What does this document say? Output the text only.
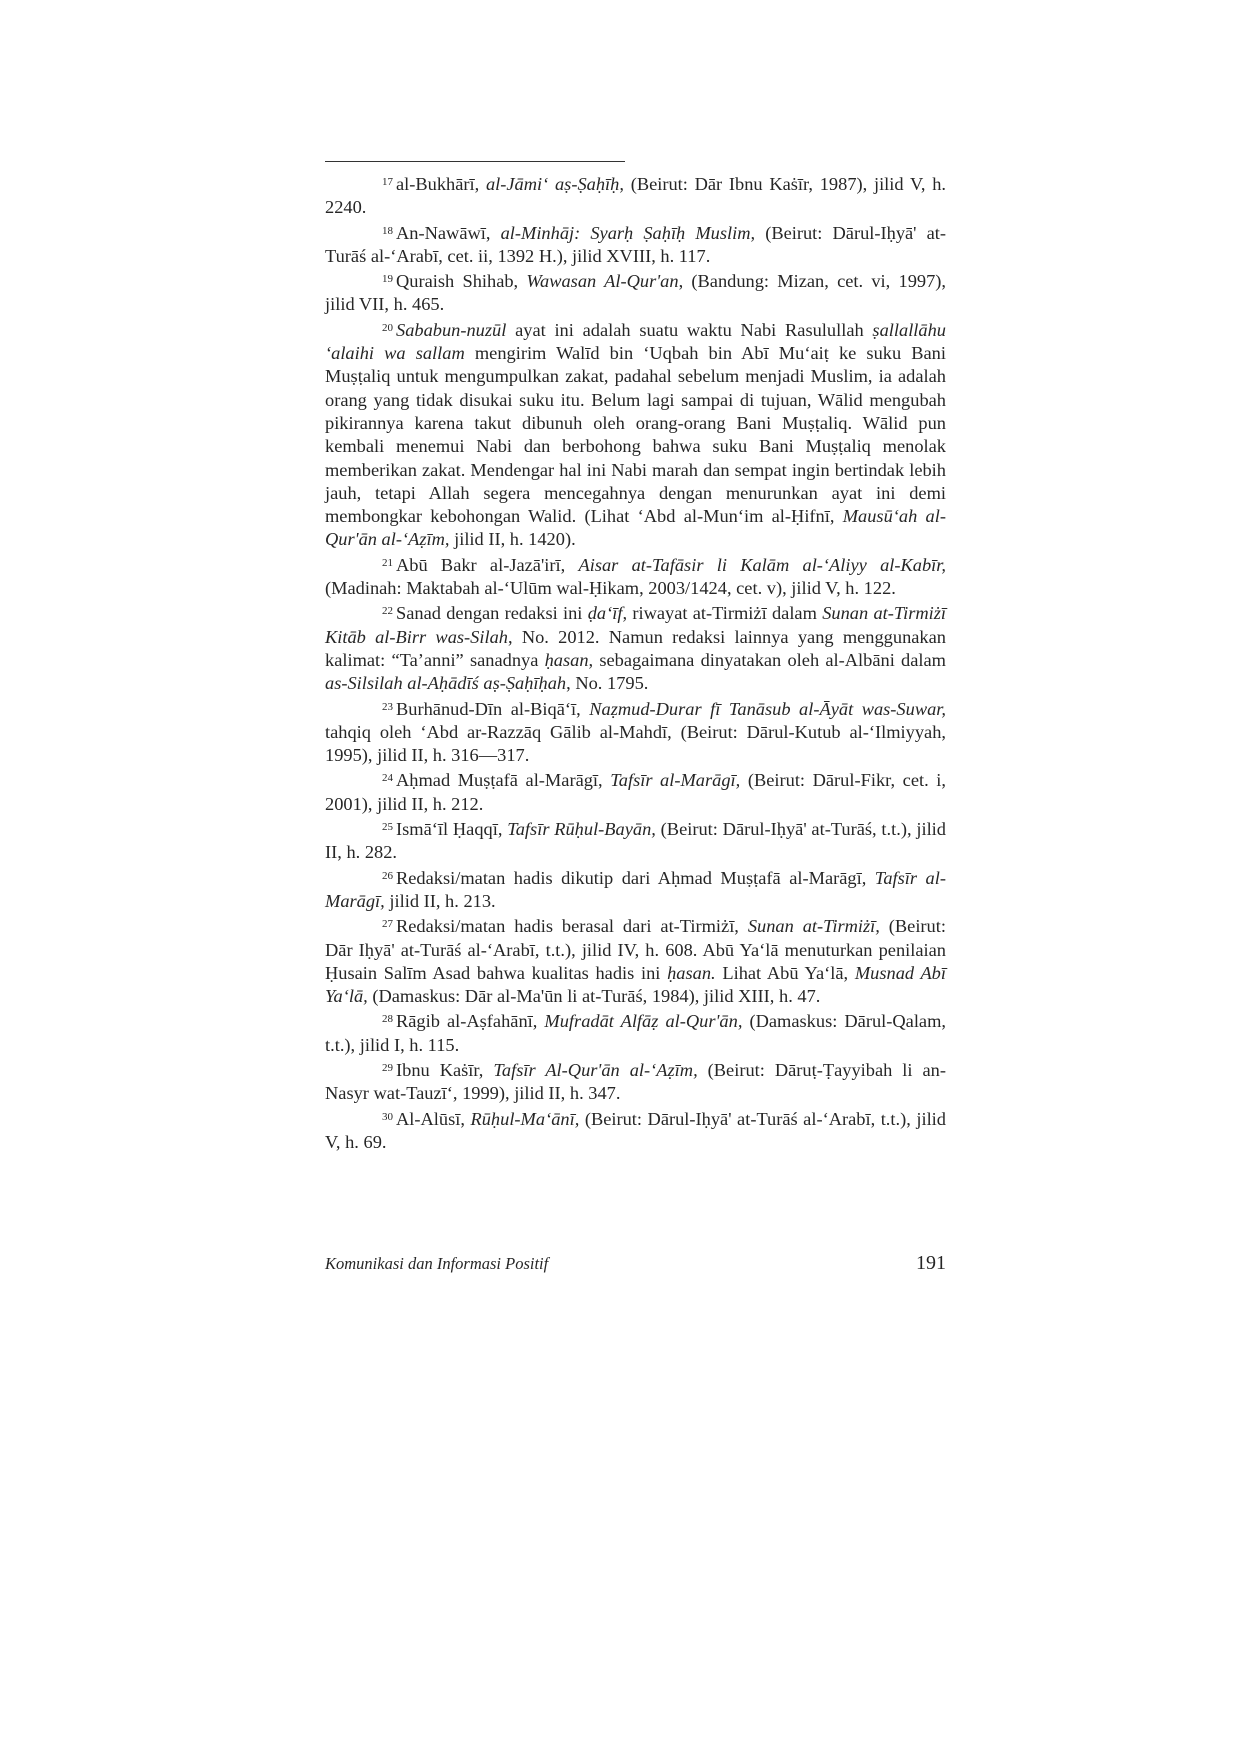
$^{17}$ al-Bukhārī, al-Jāmi‘ aṣ-Ṣaḥīḥ, (Beirut: Dār Ibnu Kaṡīr, 1987), jilid V, h. 2240.

$^{18}$ An-Nawāwī, al-Minhāj: Syarḥ Ṣaḥīḥ Muslim, (Beirut: Dārul-Iḥyā' at-Turāś al-‘Arabī, cet. ii, 1392 H.), jilid XVIII, h. 117.

$^{19}$ Quraish Shihab, Wawasan Al-Qur'an, (Bandung: Mizan, cet. vi, 1997), jilid VII, h. 465.

$^{20}$ Sababun-nuzūl ayat ini adalah suatu waktu Nabi Rasulullah ṣallallāhu ‘alaihi wa sallam mengirim Walīd bin ‘Uqbah bin Abī Mu‘aiṭ ke suku Bani Muṣṭaliq untuk mengumpulkan zakat, padahal sebelum menjadi Muslim, ia adalah orang yang tidak disukai suku itu. Belum lagi sampai di tujuan, Wālid mengubah pikirannya karena takut dibunuh oleh orang-orang Bani Muṣṭaliq. Wālid pun kembali menemui Nabi dan berbohong bahwa suku Bani Muṣṭaliq menolak memberikan zakat. Mendengar hal ini Nabi marah dan sempat ingin bertindak lebih jauh, tetapi Allah segera mencegahnya dengan menurunkan ayat ini demi membongkar kebohongan Walid. (Lihat ‘Abd al-Mun‘im al-Ḥifnī, Mausū‘ah al-Qur'ān al-‘Aẓīm, jilid II, h. 1420).

$^{21}$ Abū Bakr al-Jazā'irī, Aisar at-Tafāsir li Kalām al-‘Aliyy al-Kabīr, (Madinah: Maktabah al-‘Ulūm wal-Ḥikam, 2003/1424, cet. v), jilid V, h. 122.

$^{22}$ Sanad dengan redaksi ini ḍa‘īf, riwayat at-Tirmiżī dalam Sunan at-Tirmiżī Kitāb al-Birr was-Silah, No. 2012. Namun redaksi lainnya yang menggunakan kalimat: “Ta’anni” sanadnya ḥasan, sebagaimana dinyatakan oleh al-Albāni dalam as-Silsilah al-Aḥādīś aṣ-Ṣaḥīḥah, No. 1795.

$^{23}$ Burhānud-Dīn al-Biqā‘ī, Naẓmud-Durar fī Tanāsub al-Āyāt was-Suwar, tahqiq oleh ‘Abd ar-Razzāq Gālib al-Mahdī, (Beirut: Dārul-Kutub al-‘Ilmiyyah, 1995), jilid II, h. 316—317.

$^{24}$ Aḥmad Muṣṭafā al-Marāgī, Tafsīr al-Marāgī, (Beirut: Dārul-Fikr, cet. i, 2001), jilid II, h. 212.

$^{25}$ Ismā‘īl Ḥaqqī, Tafsīr Rūḥul-Bayān, (Beirut: Dārul-Iḥyā' at-Turāś, t.t.), jilid II, h. 282.

$^{26}$ Redaksi/matan hadis dikutip dari Aḥmad Muṣṭafā al-Marāgī, Tafsīr al-Marāgī, jilid II, h. 213.

$^{27}$ Redaksi/matan hadis berasal dari at-Tirmiżī, Sunan at-Tirmiżī, (Beirut: Dār Iḥyā' at-Turāś al-‘Arabī, t.t.), jilid IV, h. 608. Abū Ya‘lā menuturkan penilaian Ḥusain Salīm Asad bahwa kualitas hadis ini ḥasan. Lihat Abū Ya‘lā, Musnad Abī Ya‘lā, (Damaskus: Dār al-Ma'ūn li at-Turāś, 1984), jilid XIII, h. 47.

$^{28}$ Rāgib al-Aṣfahānī, Mufradāt Alfāẓ al-Qur'ān, (Damaskus: Dārul-Qalam, t.t.), jilid I, h. 115.

$^{29}$ Ibnu Kaṡīr, Tafsīr Al-Qur'ān al-‘Aẓīm, (Beirut: Dāruṭ-Ṭayyibah li an-Nasyr wat-Tauzī‘, 1999), jilid II, h. 347.

$^{30}$ Al-Alūsī, Rūḥul-Ma‘ānī, (Beirut: Dārul-Iḥyā' at-Turāś al-‘Arabī, t.t.), jilid V, h. 69.

Komunikasi dan Informasi Positif	191
